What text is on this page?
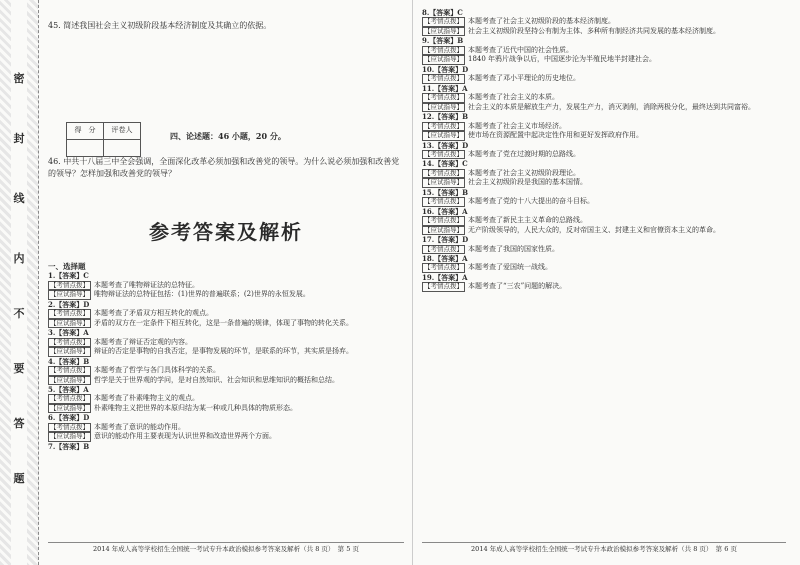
密
封
线
内
不
要
答
题
45. 简述我国社会主义初级阶段基本经济制度及其确立的依据。
得　分	评卷人

四、论述题：46 小题，20 分。
46. 中共十八届三中全会强调，全面深化改革必须加强和改善党的领导。为什么说必须加强和改善党的领导？怎样加强和改善党的领导？
参考答案及解析
一、选择题
1.【答案】C
【考情点拨】 本题考查了唯物辩证法的总特征。
【应试指导】 唯物辩证法的总特征包括：(1)世界的普遍联系；(2)世界的永恒发展。
2.【答案】D
【考情点拨】 本题考查了矛盾双方相互转化的观点。
【应试指导】 矛盾的双方在一定条件下相互转化，这是一条普遍的规律，体现了事物的转化关系。
3.【答案】A
【考情点拨】 本题考查了辩证否定观的内容。
【应试指导】 辩证的否定是事物的自我否定，是事物发展的环节，是联系的环节，其实质是扬弃。
4.【答案】B
【考情点拨】 本题考查了哲学与各门具体科学的关系。
【应试指导】 哲学是关于世界观的学问，是对自然知识、社会知识和思维知识的概括和总结。
5.【答案】A
【考情点拨】 本题考查了朴素唯物主义的观点。
【应试指导】 朴素唯物主义把世界的本原归结为某一种或几种具体的物质形态。
6.【答案】D
【考情点拨】 本题考查了意识的能动作用。
【应试指导】 意识的能动作用主要表现为认识世界和改造世界两个方面。
7.【答案】B
2014 年成人高等学校招生全国统一考试专升本政治模拟参考答案及解析（共 8 页）　第 5 页
8.【答案】C
【考情点拨】 本题考查了社会主义初级阶段的基本经济制度。
【应试指导】 社会主义初级阶段坚持公有制为主体、多种所有制经济共同发展的基本经济制度。
9.【答案】B
【考情点拨】 本题考查了近代中国的社会性质。
【应试指导】 1840 年鸦片战争以后，中国逐步沦为半殖民地半封建社会。
10.【答案】D
【考情点拨】 本题考查了邓小平理论的历史地位。
11.【答案】A
【考情点拨】 本题考查了社会主义的本质。
【应试指导】 社会主义的本质是解放生产力，发展生产力，消灭剥削，消除两极分化，最终达到共同富裕。
12.【答案】B
【考情点拨】 本题考查了社会主义市场经济。
【应试指导】 使市场在资源配置中起决定性作用和更好发挥政府作用。
13.【答案】D
【考情点拨】 本题考查了党在过渡时期的总路线。
14.【答案】C
【考情点拨】 本题考查了社会主义初级阶段理论。
【应试指导】 社会主义初级阶段是我国的基本国情。
15.【答案】B
【考情点拨】 本题考查了党的十八大提出的奋斗目标。
16.【答案】A
【考情点拨】 本题考查了新民主主义革命的总路线。
【应试指导】 无产阶级领导的，人民大众的，反对帝国主义、封建主义和官僚资本主义的革命。
17.【答案】D
【考情点拨】 本题考查了我国的国家性质。
18.【答案】A
【考情点拨】 本题考查了爱国统一战线。
19.【答案】A
【考情点拨】 本题考查了“三农”问题的解决。
2014 年成人高等学校招生全国统一考试专升本政治模拟参考答案及解析（共 8 页）　第 6 页
